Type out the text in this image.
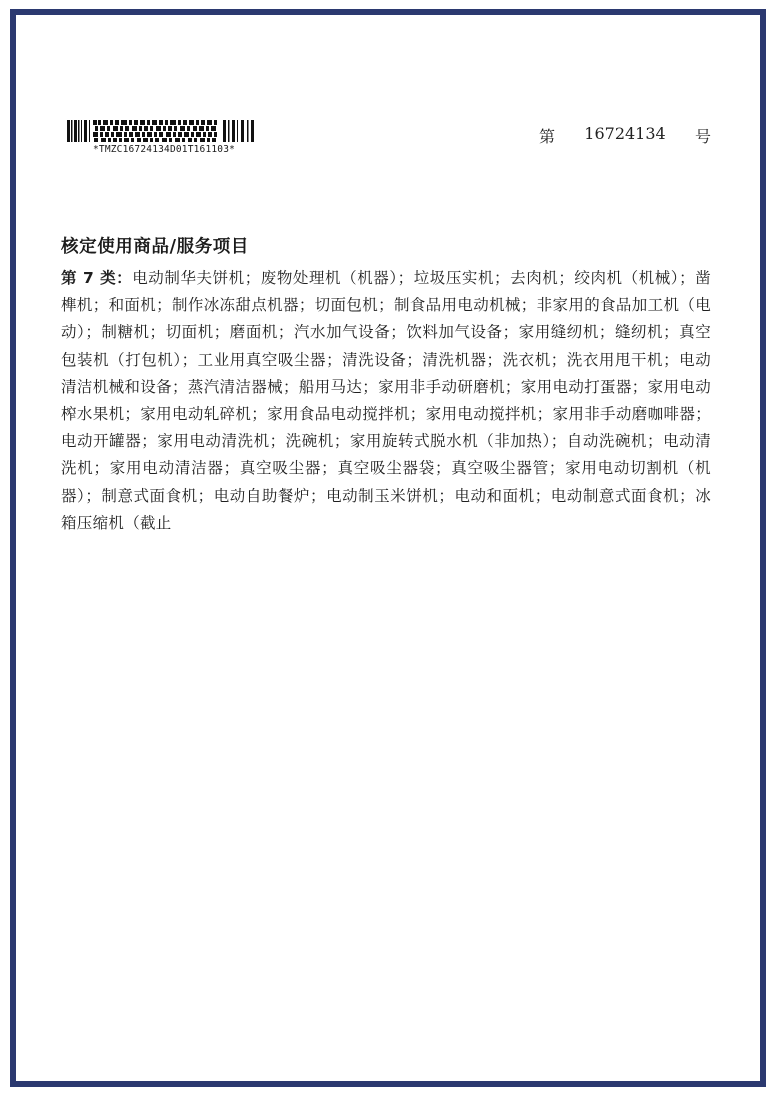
*TMZC16724134D01T161103*
第 16724134 号
核定使用商品/服务项目
第 7 类：电动制华夫饼机；废物处理机（机器）；垃圾压实机；去肉机；绞肉机（机械）；凿榫机；和面机；制作冰冻甜点机器；切面包机；制食品用电动机械；非家用的食品加工机（电动）；制糖机；切面机；磨面机；汽水加气设备；饮料加气设备；家用缝纫机；缝纫机；真空包装机（打包机）；工业用真空吸尘器；清洗设备；清洗机器；洗衣机；洗衣用甩干机；电动清洁机械和设备；蒸汽清洁器械；船用马达；家用非手动研磨机；家用电动打蛋器；家用电动榨水果机；家用电动轧碎机；家用食品电动搅拌机；家用电动搅拌机；家用非手动磨咖啡器；电动开罐器；家用电动清洗机；洗碗机；家用旋转式脱水机（非加热）；自动洗碗机；电动清洗机；家用电动清洁器；真空吸尘器；真空吸尘器袋；真空吸尘器管；家用电动切割机（机器）；制意式面食机；电动自助餐炉；电动制玉米饼机；电动和面机；电动制意式面食机；冰箱压缩机（截止
